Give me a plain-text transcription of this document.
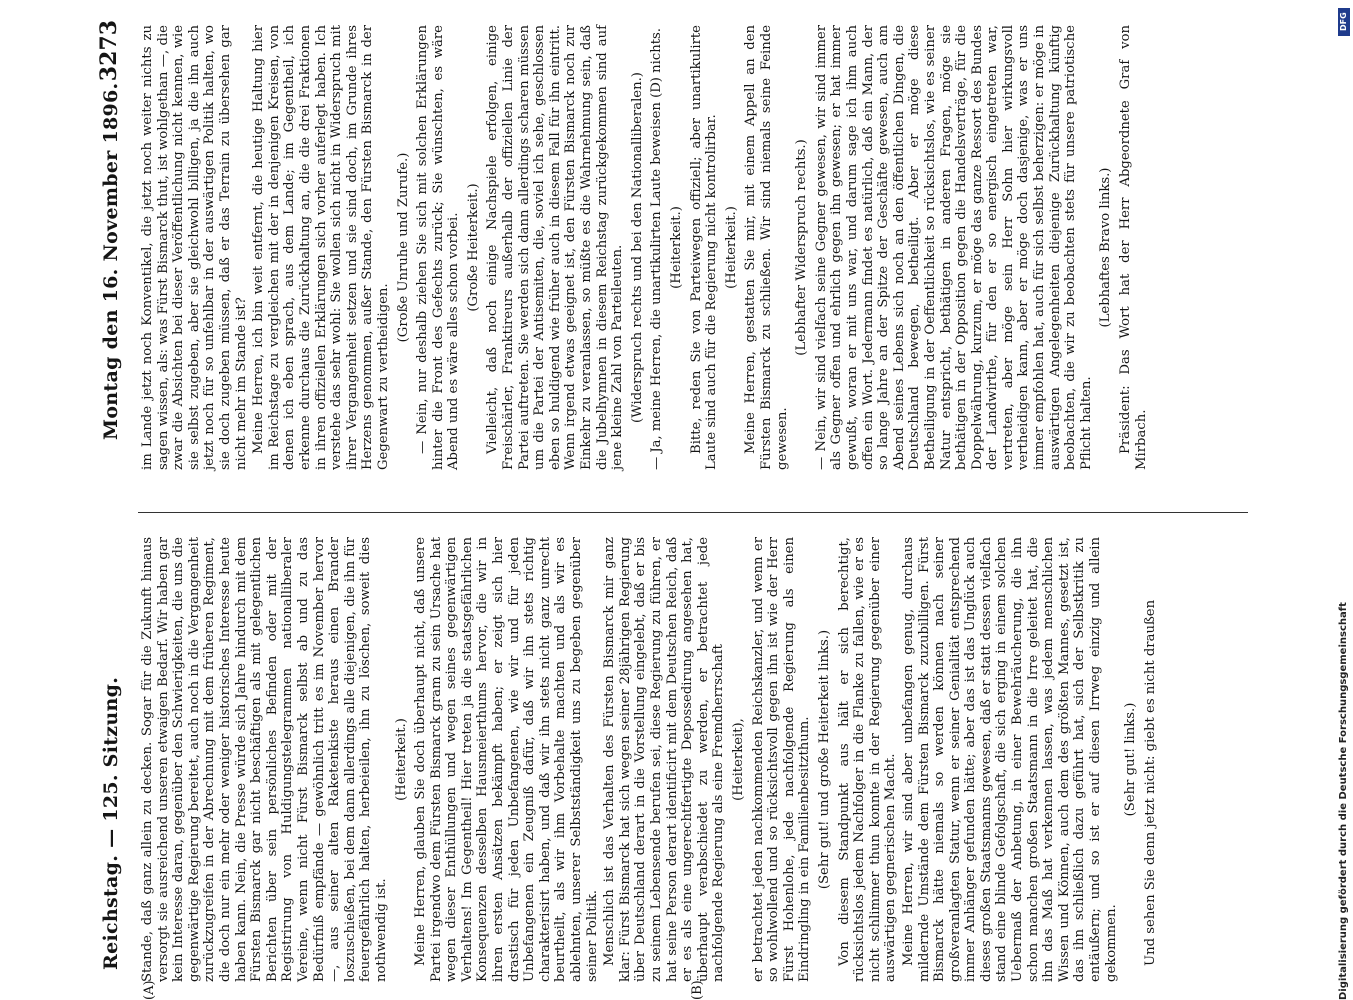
Reichstag. — 125. Sitzung.
Montag den 16. November 1896.
3273
(A)	(B)

Stande, daß ganz allein zu decken. Sogar für die Zukunft hinaus versorgt sie ausreichend unseren etwaigen Bedarf. Wir haben gar kein Interesse daran, gegenüber den Schwierigkeiten, die uns die gegenwärtige Regierung bereitet, auch noch in die Vergangenheit zurückzugreifen in der Abrechnung mit dem früheren Regiment, die doch nur ein mehr oder weniger historisches Interesse heute haben kann. Nein, die Presse würde sich Jahre hindurch mit dem Fürsten Bismarck gar nicht beschäftigen als mit gelegentlichen Berichten über sein persönliches Befinden oder mit der Registrirung von Huldigungstelegrammen nationalliberaler Vereine, wenn nicht Fürst Bismarck selbst ab und zu das Bedürfniß empfände — gewöhnlich tritt es im November hervor —, aus seiner alten Raketenkiste heraus einen Brander loszuschießen, bei dem dann allerdings alle diejenigen, die ihn für feuergefährlich halten, herbeieilen, ihn zu löschen, soweit dies nothwendig ist.

(Heiterkeit.) Meine Herren, glauben Sie doch überhaupt nicht, daß unsere Partei irgendwo dem Fürsten Bismarck gram zu sein Ursache hat wegen dieser Enthüllungen und wegen seines gegenwärtigen Verhaltens! Im Gegentheil! Hier treten ja die staatsgefährlichen Konsequenzen desselben Hausmeierthums hervor, die wir in ihren ersten Ansätzen bekämpft haben; er zeigt sich hier drastisch für jeden Unbefangenen, wie wir und für jeden Unbefangenen ein Zeugniß dafür, daß wir ihn stets richtig charakterisirt haben, und daß wir ihn stets nicht ganz unrecht beurtheilt, als wir ihm Vorbehalte machten und als wir es ablehnten, unserer Selbstständigkeit uns zu begeben gegenüber seiner Politik. Menschlich ist das Verhalten des Fürsten Bismarck mir ganz klar: Fürst Bismarck hat sich wegen seiner 28jährigen Regierung über Deutschland derart in die Vorstellung eingelebt, daß er bis zu seinem Lebensende berufen sei, diese Regierung zu führen, er hat seine Person derart identificirt mit dem Deutschen Reich, daß er es als eine ungerechtfertigte Depossedirung angesehen hat, überhaupt verabschiedet zu werden, er betrachtet jede nachfolgende Regierung als eine Fremdherrschaft (Heiterkeit), er betrachtet jeden nachkommenden Reichskanzler, und wenn er so wohlwollend und so rücksichtsvoll gegen ihn ist wie der Herr Fürst Hohenlohe, jede nachfolgende Regierung als einen Eindringling in ein Familienbesitzthum. (Sehr gut! und große Heiterkeit links.) Von diesem Standpunkt aus hält er sich berechtigt, rücksichtslos jedem Nachfolger in die Flanke zu fallen, wie er es nicht schlimmer thun konnte in der Regierung gegenüber einer auswärtigen gegnerischen Macht. Meine Herren, wir sind aber unbefangen genug, durchaus mildernde Umstände dem Fürsten Bismarck zuzubilligen. Fürst Bismarck hätte niemals so werden können nach seiner großveranlagten Statur, wenn er seiner Genialität entsprechend immer Anhänger gefunden hätte; aber das ist das Unglück auch dieses großen Staatsmanns gewesen, daß er statt dessen vielfach stand eine blinde Gefolgschaft, die sich erging in einem solchen Uebermaß der Anbetung, in einer Bewehräucherung, die ihn schon manchen großen Staatsmann in die Irre geleitet hat, die ihn das Maß hat verkennen lassen, was jedem menschlichen Wissen und Können, auch dem des größten Mannes, gesetzt ist, das ihn schließlich dazu geführt hat, sich der Selbstkritik zu entäußern; und so ist er auf diesen Irrweg einzig und allein gekommen.

(Sehr gut! links.) Und sehen Sie denn jetzt nicht: giebt es nicht draußen

im Lande jetzt noch Konventikel, die jetzt noch weiter nichts zu sagen wissen, als: was Fürst Bismarck thut, ist wohlgethan —, die zwar die Absichten bei dieser Veröffentlichung nicht kennen, wie sie selbst zugeben, aber sie gleichwohl billigen, ja die ihn auch jetzt noch für so unfehlbar in der auswärtigen Politik halten, wo sie doch zugeben müssen, daß er das Terrain zu übersehen gar nicht mehr im Stande ist? Meine Herren, ich bin weit entfernt, die heutige Haltung hier im Reichstage zu vergleichen mit der in denjenigen Kreisen, von denen ich eben sprach, aus dem Lande; im Gegentheil, ich erkenne durchaus die Zurückhaltung an, die die drei Fraktionen in ihren offiziellen Erklärungen sich vorher auferlegt haben. Ich verstehe das sehr wohl: Sie wollen sich nicht in Widerspruch mit ihrer Vergangenheit setzen und sie sind doch, im Grunde ihres Herzens genommen, außer Stande, den Fürsten Bismarck in der Gegenwart zu vertheidigen.

(Große Unruhe und Zurufe.) — Nein, nur deshalb ziehen Sie sich mit solchen Erklärungen hinter die Front des Gefechts zurück; Sie wünschten, es wäre Abend und es wäre alles schon vorbei. (Große Heiterkeit.) Vielleicht, daß noch einige Nachspiele erfolgen, einige Freischärler, Franktireurs außerhalb der offiziellen Linie der Partei auftreten. Sie werden sich dann allerdings scharen müssen um die Partei der Antisemiten, die, soviel ich sehe, geschlossen eben so huldigend wie früher auch in diesem Fall für ihn eintritt. Wenn irgend etwas geeignet ist, den Fürsten Bismarck noch zur Einkehr zu veranlassen, so müßte es die Wahrnehmung sein, daß die Jubelhymnen in diesem Reichstag zurückgekommen sind auf jene kleine Zahl von Parteileuten. (Widerspruch rechts und bei den Nationalliberalen.) — Ja, meine Herren, die unartikulirten Laute beweisen (D) nichts. (Heiterkeit.) Bitte, reden Sie von Parteiwegen offiziell; aber unartikulirte Laute sind auch für die Regierung nicht kontrolirbar. (Heiterkeit.) Meine Herren, gestatten Sie mir, mit einem Appell an den Fürsten Bismarck zu schließen. Wir sind niemals seine Feinde gewesen.

(Lebhafter Widerspruch rechts.) — Nein, wir sind vielfach seine Gegner gewesen, wir sind immer als Gegner offen und ehrlich gegen ihn gewesen; er hat immer gewußt, woran er mit uns war, und darum sage ich ihm auch offen ein Wort. Jedermann findet es natürlich, daß ein Mann, der so lange Jahre an der Spitze der Geschäfte gewesen, auch am Abend seines Lebens sich noch an den öffentlichen Dingen, die Deutschland bewegen, betheiligt. Aber er möge diese Betheiligung in der Oeffentlichkeit so rücksichtslos, wie es seiner Natur entspricht, bethätigen in anderen Fragen, möge sie bethätigen in der Opposition gegen die Handelsverträge, für die Doppelwährung, kurzum, er möge das ganze Ressort des Bundes der Landwirthe, für den er so energisch eingetreten war, vertreten, aber möge sein Herr Sohn hier wirkungsvoll vertheidigen kann, aber er möge doch dasjenige, was er uns immer empfohlen hat, auch für sich selbst beherzigen: er möge in auswärtigen Angelegenheiten diejenige Zurückhaltung künftig beobachten, die wir zu beobachten stets für unsere patriotische Pflicht halten.

(Lebhaftes Bravo links.) Präsident: Das Wort hat der Herr Abgeordnete Graf von Mirbach.

Digitalisierung gefördert durch die Deutsche Forschungsgemeinschaft
DFG
